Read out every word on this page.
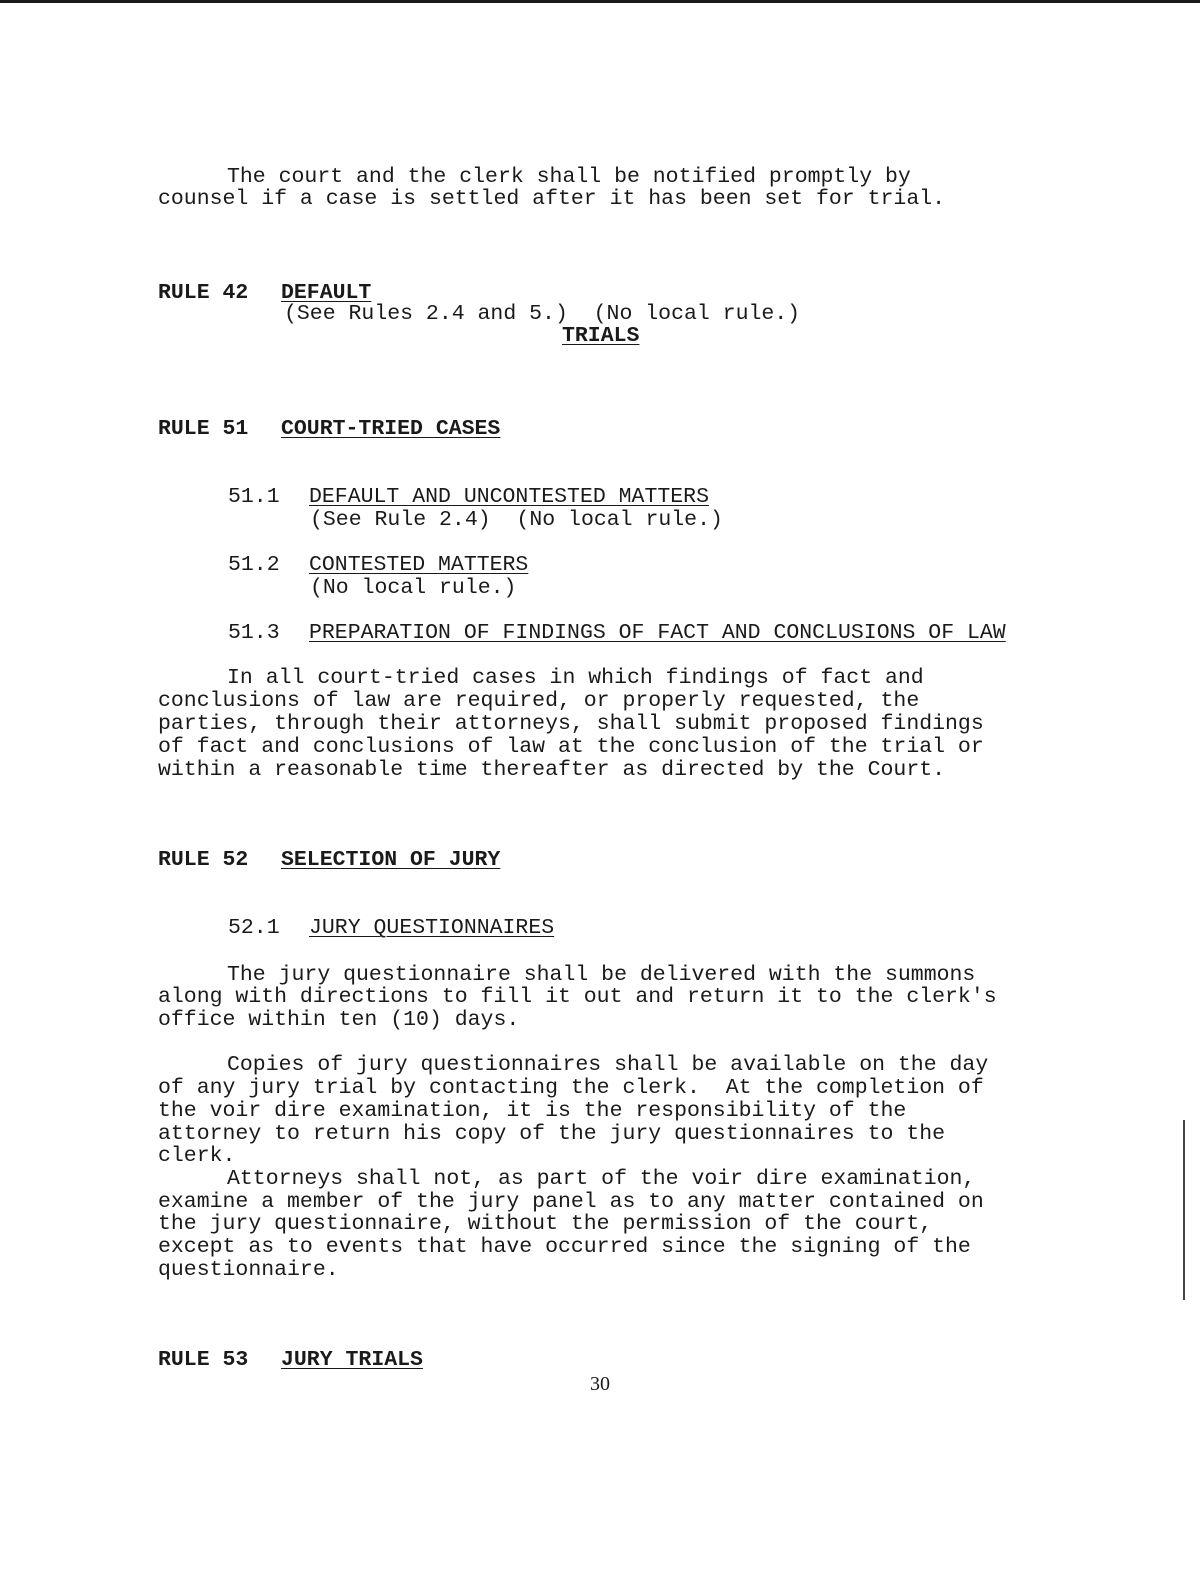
The court and the clerk shall be notified promptly by
counsel if a case is settled after it has been set for trial.
RULE 42 DEFAULT
(See Rules 2.4 and 5.)  (No local rule.)
TRIALS
RULE 51 COURT-TRIED CASES
51.1 DEFAULT AND UNCONTESTED MATTERS
(See Rule 2.4)  (No local rule.)
51.2 CONTESTED MATTERS
(No local rule.)
51.3 PREPARATION OF FINDINGS OF FACT AND CONCLUSIONS OF LAW
In all court-tried cases in which findings of fact and
conclusions of law are required, or properly requested, the
parties, through their attorneys, shall submit proposed findings
of fact and conclusions of law at the conclusion of the trial or
within a reasonable time thereafter as directed by the Court.
RULE 52 SELECTION OF JURY
52.1 JURY QUESTIONNAIRES
The jury questionnaire shall be delivered with the summons
along with directions to fill it out and return it to the clerk's
office within ten (10) days.
Copies of jury questionnaires shall be available on the day
of any jury trial by contacting the clerk.  At the completion of
the voir dire examination, it is the responsibility of the
attorney to return his copy of the jury questionnaires to the
clerk.
Attorneys shall not, as part of the voir dire examination,
examine a member of the jury panel as to any matter contained on
the jury questionnaire, without the permission of the court,
except as to events that have occurred since the signing of the
questionnaire.
RULE 53 JURY TRIALS
30
